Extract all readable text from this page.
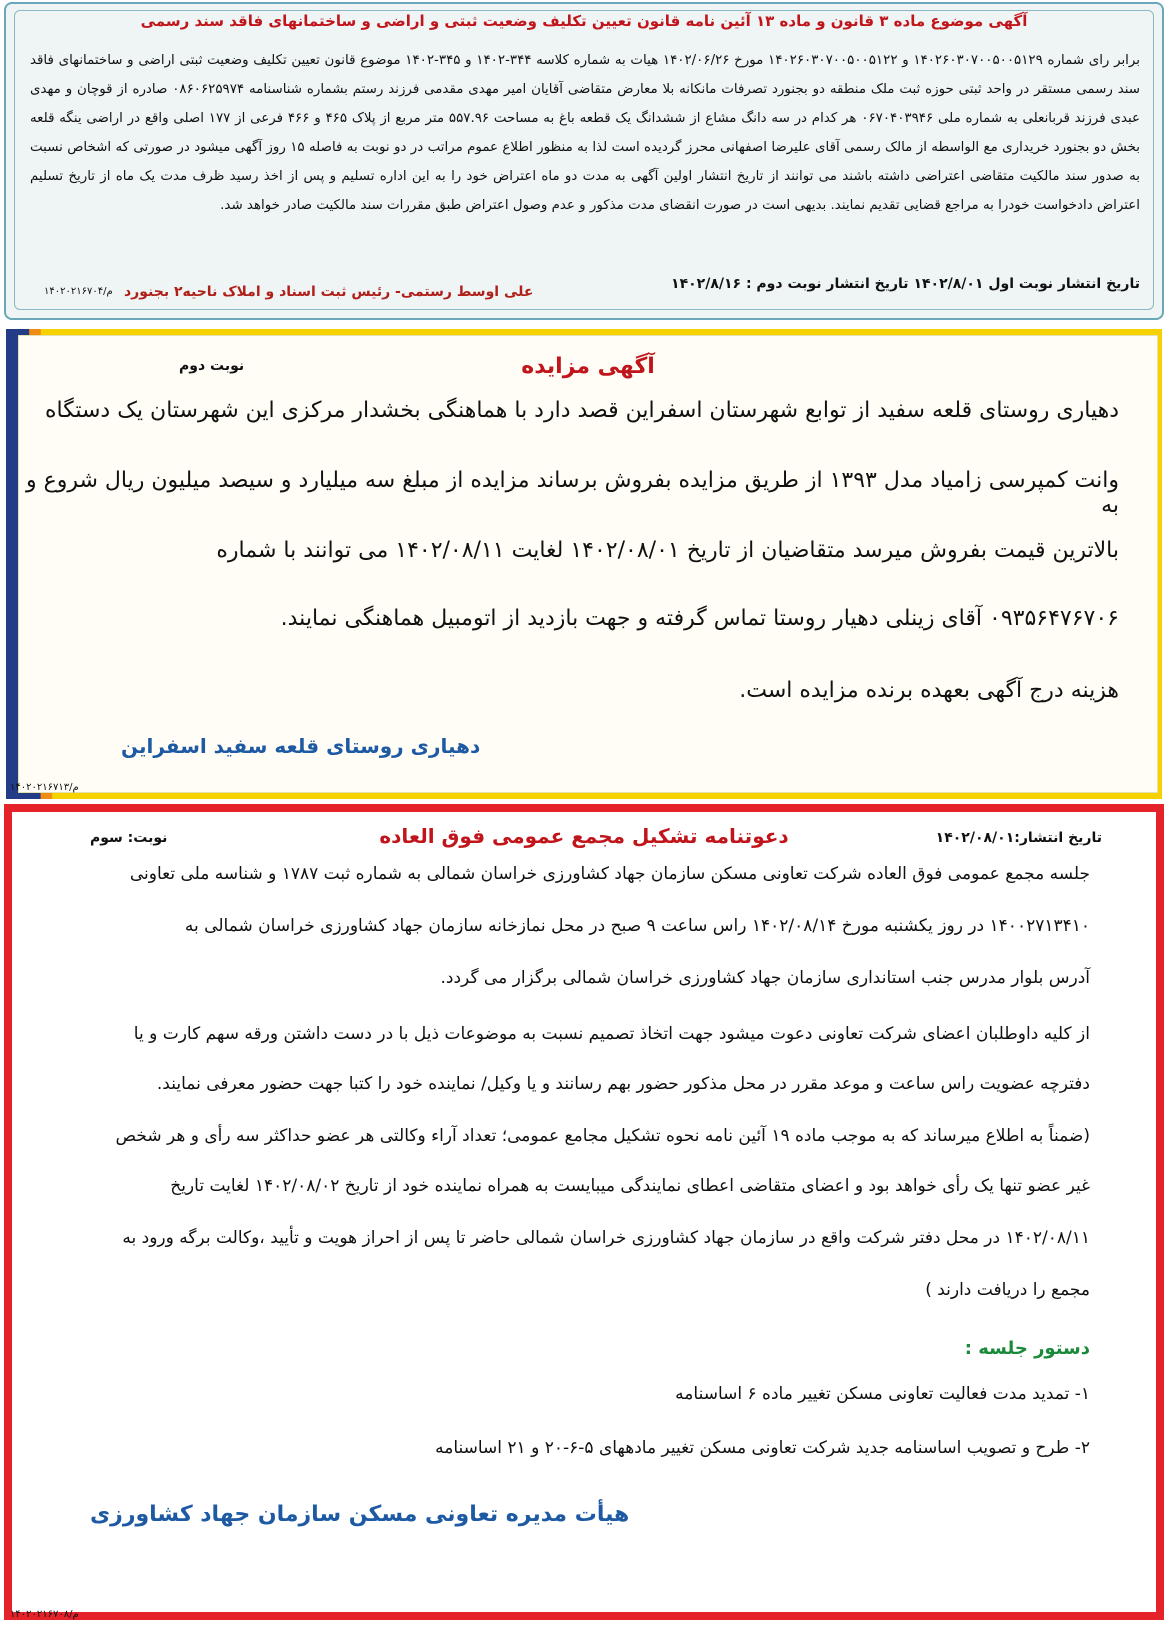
آگهی موضوع ماده ۳ قانون و ماده ۱۳ آئین نامه قانون تعیین تکلیف وضعیت ثبتی و اراضی و ساختمانهای فاقد سند رسمی
برابر رای شماره ۱۴۰۲۶۰۳۰۷۰۰۵۰۰۵۱۲۹ و ۱۴۰۲۶۰۳۰۷۰۰۵۰۰۵۱۲۲ مورخ ۱۴۰۲/۰۶/۲۶ هیات به شماره کلاسه ۳۴۴-۱۴۰۲ و ۳۴۵-۱۴۰۲ موضوع قانون تعیین تکلیف وضعیت ثبتی اراضی و ساختمانهای فاقد سند رسمی مستقر در واحد ثبتی حوزه ثبت ملک منطقه دو بجنورد تصرفات مانکانه بلا معارض متقاضی آقایان امیر مهدی مقدمی فرزند رستم بشماره شناسنامه ۰۸۶۰۶۲۵۹۷۴ صادره از قوچان و مهدی عبدی فرزند قربانعلی به شماره ملی ۰۶۷۰۴۰۳۹۴۶ هر کدام در سه دانگ مشاع از ششدانگ یک قطعه باغ به مساحت ۵۵۷.۹۶ متر مربع از پلاک ۴۶۵ و ۴۶۶ فرعی از ۱۷۷ اصلی واقع در اراضی ینگه قلعه بخش دو بجنورد خریداری مع الواسطه از مالک رسمی آقای علیرضا اصفهانی محرز گردیده است لذا به منظور اطلاع عموم مراتب در دو نوبت به فاصله ۱۵ روز آگهی میشود در صورتی که اشخاص نسبت به صدور سند مالکیت متقاضی اعتراضی داشته باشند می توانند از تاریخ انتشار اولین آگهی به مدت دو ماه اعتراض خود را به این اداره تسلیم و پس از اخذ رسید ظرف مدت یک ماه از تاریخ تسلیم اعتراض دادخواست خودرا به مراجع قضایی تقدیم نمایند. بدیهی است در صورت انقضای مدت مذکور و عدم وصول اعتراض طبق مقررات سند مالکیت صادر خواهد شد.
تاریخ انتشار نوبت اول ۱۴۰۲/۸/۰۱ تاریخ انتشار نوبت دوم : ۱۴۰۲/۸/۱۶
علی اوسط رستمی- رئیس ثبت اسناد و املاک ناحیه۲ بجنورد
۱۴۰۲۰۲۱۶۷۰۴/م
آگهی مزایده
نوبت دوم
دهیاری روستای قلعه سفید از توابع شهرستان اسفراین قصد دارد با هماهنگی بخشدار مرکزی این شهرستان یک دستگاه
وانت کمپرسی زامیاد مدل ۱۳۹۳ از طریق مزایده بفروش برساند مزایده از مبلغ سه میلیارد و سیصد میلیون ریال شروع و به
بالاترین قیمت بفروش میرسد متقاضیان از تاریخ ۱۴۰۲/۰۸/۰۱ لغایت ۱۴۰۲/۰۸/۱۱ می توانند با شماره
۰۹۳۵۶۴۷۶۷۰۶ آقای زینلی دهیار روستا تماس گرفته و جهت بازدید از اتومبیل هماهنگی نمایند.
هزینه درج آگهی بعهده برنده مزایده است.
دهیاری روستای قلعه سفید اسفراین
۱۴۰۲۰۲۱۶۷۱۳/م
تاریخ انتشار:۱۴۰۲/۰۸/۰۱
دعوتنامه تشکیل مجمع عمومی فوق العاده
نوبت: سوم
جلسه مجمع عمومی فوق العاده شرکت تعاونی مسکن سازمان جهاد کشاورزی خراسان شمالی به شماره ثبت ۱۷۸۷ و شناسه ملی تعاونی
۱۴۰۰۲۷۱۳۴۱۰ در روز یکشنبه مورخ ۱۴۰۲/۰۸/۱۴ راس ساعت ۹ صبح در محل نمازخانه سازمان جهاد کشاورزی خراسان شمالی به
آدرس بلوار مدرس جنب استانداری سازمان جهاد کشاورزی خراسان شمالی برگزار می گردد.
از کلیه داوطلبان اعضای شرکت تعاونی دعوت میشود جهت اتخاذ تصمیم نسبت به موضوعات ذیل با در دست داشتن ورقه سهم کارت و یا
دفترچه عضویت راس ساعت و موعد مقرر در محل مذکور حضور بهم رسانند و یا وکیل/ نماینده خود را کتبا جهت حضور معرفی نمایند.
(ضمناً به اطلاع میرساند که به موجب ماده ۱۹ آئین نامه نحوه تشکیل مجامع عمومی؛ تعداد آراء وکالتی هر عضو حداکثر سه رأی و هر شخص
غیر عضو تنها یک رأی خواهد بود و اعضای متقاضی اعطای نمایندگی میبایست به همراه نماینده خود از تاریخ ۱۴۰۲/۰۸/۰۲ لغایت تاریخ
۱۴۰۲/۰۸/۱۱ در محل دفتر شرکت واقع در سازمان جهاد کشاورزی خراسان شمالی حاضر تا پس از احراز هویت و تأیید ،وکالت برگه ورود به
مجمع را دریافت دارند )
دستور جلسه :
۱- تمدید مدت فعالیت تعاونی مسکن تغییر ماده ۶ اساسنامه
۲- طرح و تصویب اساسنامه جدید شرکت تعاونی مسکن تغییر مادههای ۵-۶-۲۰ و ۲۱ اساسنامه
هیأت مدیره تعاونی مسکن سازمان جهاد کشاورزی
۱۴۰۲۰۲۱۶۷۰۸/م
